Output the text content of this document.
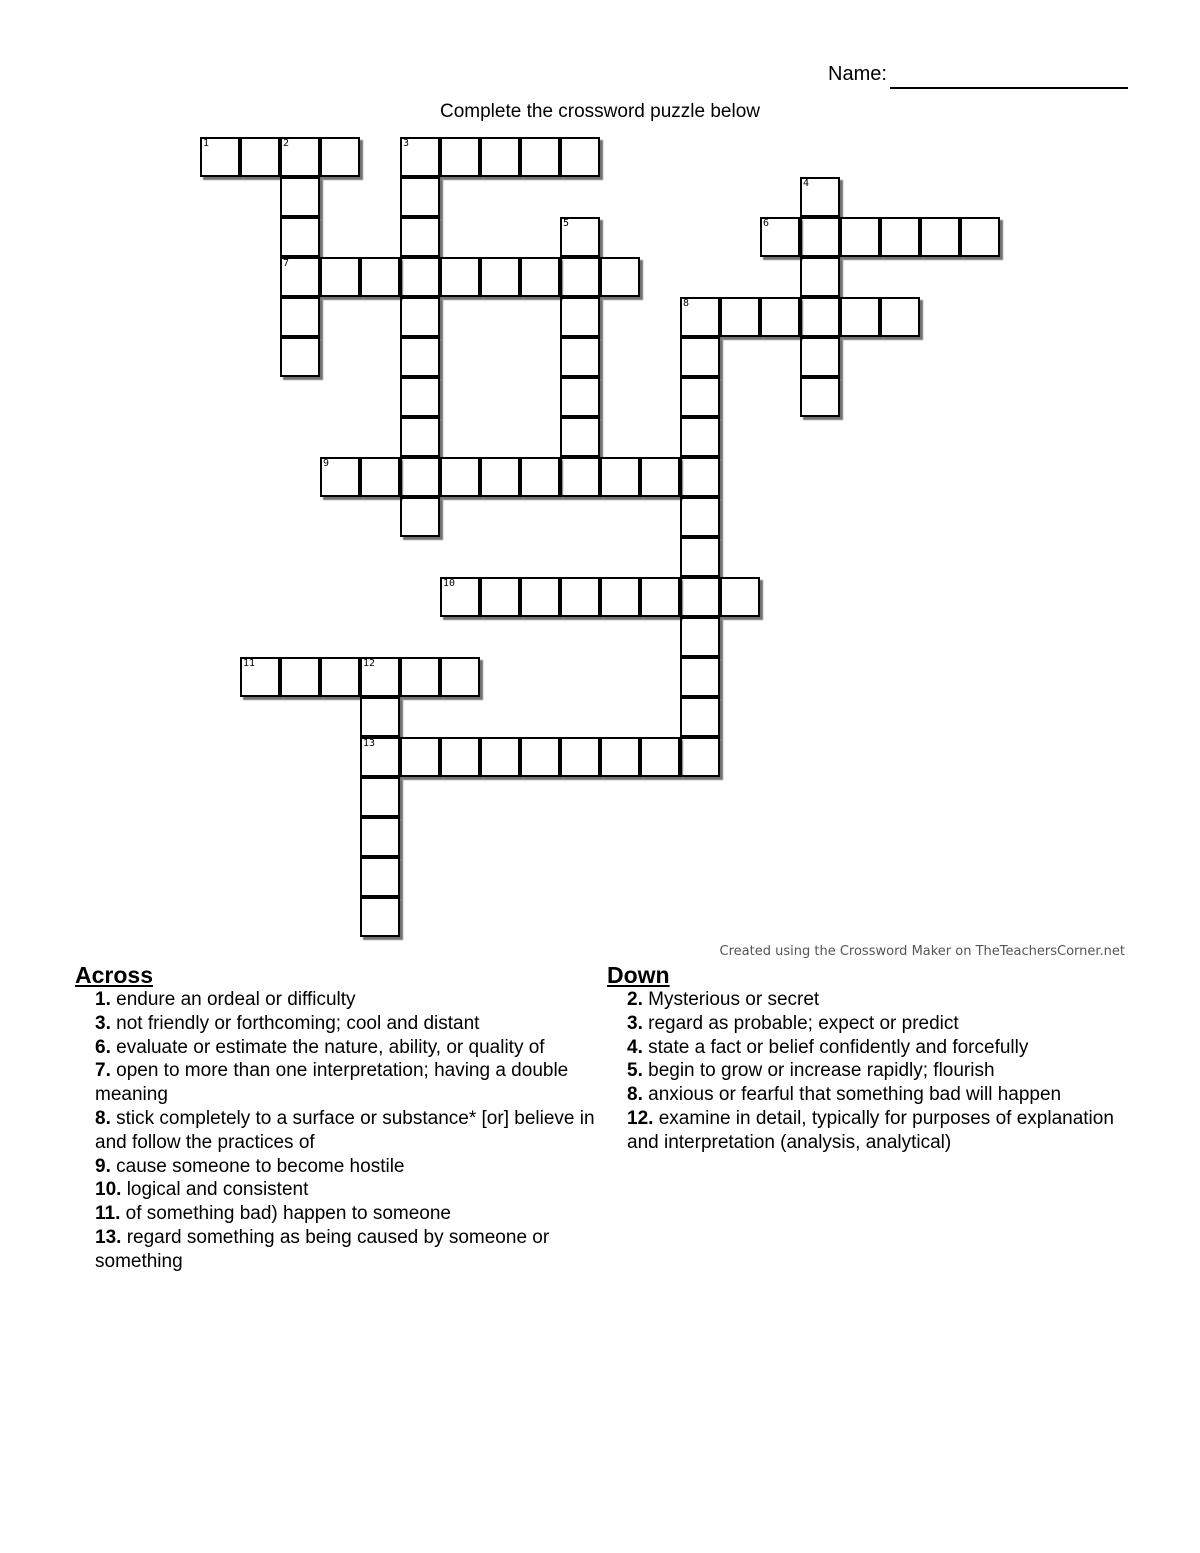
Name:
Complete the crossword puzzle below
1	2
7
3
4
5	6
8
9
10
11	12
13
Created using the Crossword Maker on TheTeachersCorner.net
Across
1. endure an ordeal or difficulty
3. not friendly or forthcoming; cool and distant
6. evaluate or estimate the nature, ability, or quality of
7. open to more than one interpretation; having a double meaning
8. stick completely to a surface or substance* [or] believe in and follow the practices of
9. cause someone to become hostile
10. logical and consistent
11. of something bad) happen to someone
13. regard something as being caused by someone or something
Down
2. Mysterious or secret
3. regard as probable; expect or predict
4. state a fact or belief confidently and forcefully
5. begin to grow or increase rapidly; flourish
8. anxious or fearful that something bad will happen
12. examine in detail, typically for purposes of explanation and interpretation (analysis, analytical)
